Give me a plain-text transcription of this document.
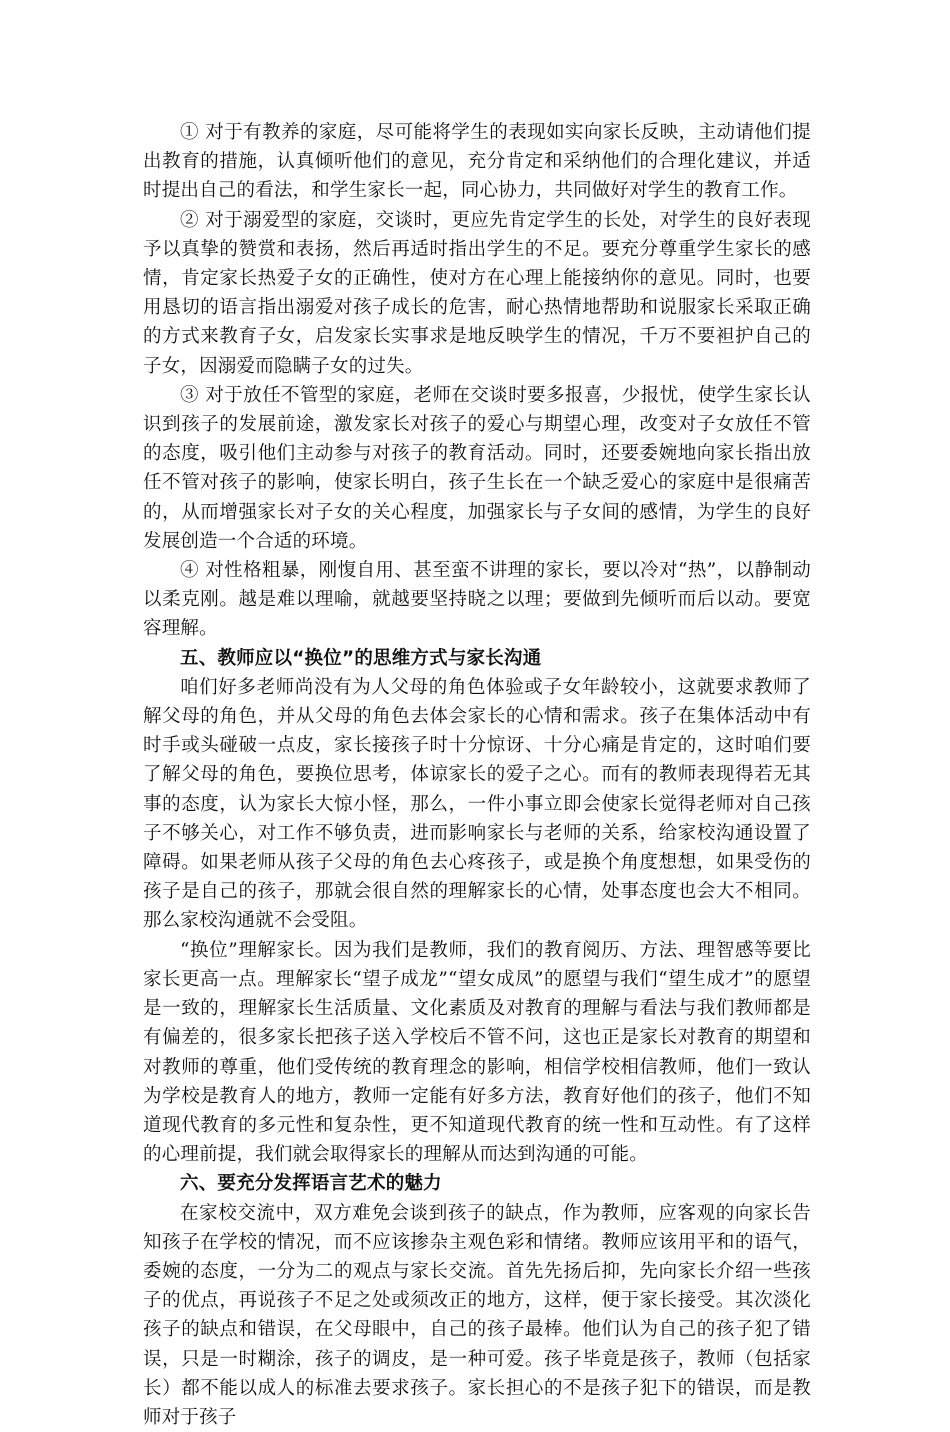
① 对于有教养的家庭，尽可能将学生的表现如实向家长反映，主动请他们提出教育的措施，认真倾听他们的意见，充分肯定和采纳他们的合理化建议，并适时提出自己的看法，和学生家长一起，同心协力，共同做好对学生的教育工作。

② 对于溺爱型的家庭，交谈时，更应先肯定学生的长处，对学生的良好表现予以真挚的赞赏和表扬，然后再适时指出学生的不足。要充分尊重学生家长的感情，肯定家长热爱子女的正确性，使对方在心理上能接纳你的意见。同时，也要用恳切的语言指出溺爱对孩子成长的危害，耐心热情地帮助和说服家长采取正确的方式来教育子女，启发家长实事求是地反映学生的情况，千万不要袒护自己的子女，因溺爱而隐瞒子女的过失。

③ 对于放任不管型的家庭，老师在交谈时要多报喜，少报忧，使学生家长认识到孩子的发展前途，激发家长对孩子的爱心与期望心理，改变对子女放任不管的态度，吸引他们主动参与对孩子的教育活动。同时，还要委婉地向家长指出放任不管对孩子的影响，使家长明白，孩子生长在一个缺乏爱心的家庭中是很痛苦的，从而增强家长对子女的关心程度，加强家长与子女间的感情，为学生的良好发展创造一个合适的环境。

④ 对性格粗暴，刚愎自用、甚至蛮不讲理的家长，要以冷对“热”，以静制动以柔克刚。越是难以理喻，就越要坚持晓之以理；要做到先倾听而后以动。要宽容理解。

五、教师应以“换位”的思维方式与家长沟通

咱们好多老师尚没有为人父母的角色体验或子女年龄较小，这就要求教师了解父母的角色，并从父母的角色去体会家长的心情和需求。孩子在集体活动中有时手或头碰破一点皮，家长接孩子时十分惊讶、十分心痛是肯定的，这时咱们要了解父母的角色，要换位思考，体谅家长的爱子之心。而有的教师表现得若无其事的态度，认为家长大惊小怪，那么，一件小事立即会使家长觉得老师对自己孩子不够关心，对工作不够负责，进而影响家长与老师的关系，给家校沟通设置了障碍。如果老师从孩子父母的角色去心疼孩子，或是换个角度想想，如果受伤的孩子是自己的孩子，那就会很自然的理解家长的心情，处事态度也会大不相同。那么家校沟通就不会受阻。

“换位”理解家长。因为我们是教师，我们的教育阅历、方法、理智感等要比家长更高一点。理解家长“望子成龙”“望女成凤”的愿望与我们“望生成才”的愿望是一致的，理解家长生活质量、文化素质及对教育的理解与看法与我们教师都是有偏差的，很多家长把孩子送入学校后不管不问，这也正是家长对教育的期望和对教师的尊重，他们受传统的教育理念的影响，相信学校相信教师，他们一致认为学校是教育人的地方，教师一定能有好多方法，教育好他们的孩子，他们不知道现代教育的多元性和复杂性，更不知道现代教育的统一性和互动性。有了这样的心理前提，我们就会取得家长的理解从而达到沟通的可能。

六、要充分发挥语言艺术的魅力

在家校交流中，双方难免会谈到孩子的缺点，作为教师，应客观的向家长告知孩子在学校的情况，而不应该掺杂主观色彩和情绪。教师应该用平和的语气，委婉的态度，一分为二的观点与家长交流。首先先扬后抑，先向家长介绍一些孩子的优点，再说孩子不足之处或须改正的地方，这样，便于家长接受。其次淡化孩子的缺点和错误，在父母眼中，自己的孩子最棒。他们认为自己的孩子犯了错误，只是一时糊涂，孩子的调皮，是一种可爱。孩子毕竟是孩子，教师（包括家长）都不能以成人的标准去要求孩子。家长担心的不是孩子犯下的错误，而是教师对于孩子
